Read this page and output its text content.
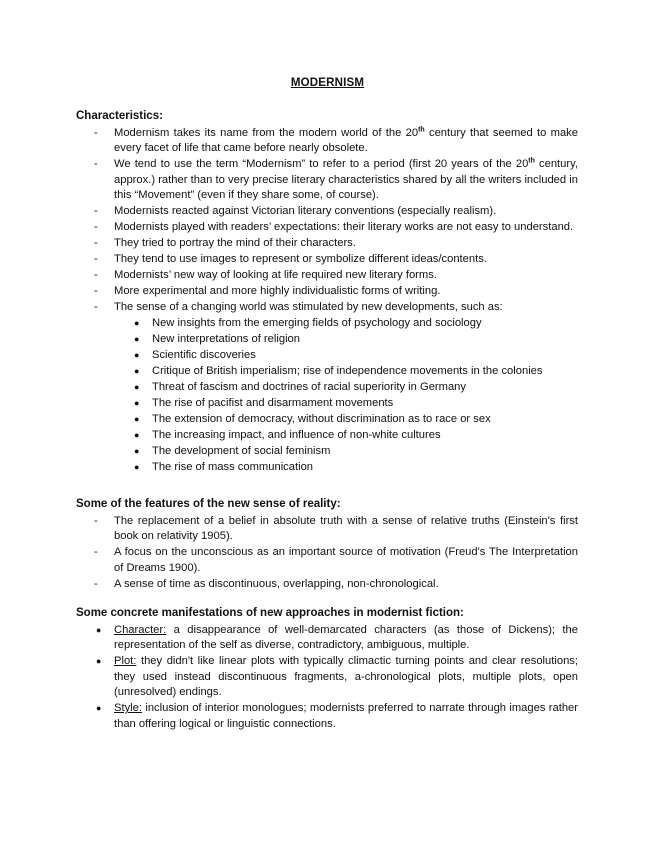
MODERNISM
Characteristics:
- Modernism takes its name from the modern world of the 20th century that seemed to make every facet of life that came before nearly obsolete.
- We tend to use the term “Modernism” to refer to a period (first 20 years of the 20th century, approx.) rather than to very precise literary characteristics shared by all the writers included in this “Movement” (even if they share some, of course).
- Modernists reacted against Victorian literary conventions (especially realism).
- Modernists played with readers’ expectations: their literary works are not easy to understand.
- They tried to portray the mind of their characters.
- They tend to use images to represent or symbolize different ideas/contents.
- Modernists’ new way of looking at life required new literary forms.
- More experimental and more highly individualistic forms of writing.
- The sense of a changing world was stimulated by new developments, such as:
● New insights from the emerging fields of psychology and sociology
● New interpretations of religion
● Scientific discoveries
● Critique of British imperialism; rise of independence movements in the colonies
● Threat of fascism and doctrines of racial superiority in Germany
● The rise of pacifist and disarmament movements
● The extension of democracy, without discrimination as to race or sex
● The increasing impact, and influence of non-white cultures
● The development of social feminism
● The rise of mass communication
Some of the features of the new sense of reality:
- The replacement of a belief in absolute truth with a sense of relative truths (Einstein's first book on relativity 1905).
- A focus on the unconscious as an important source of motivation (Freud's The Interpretation of Dreams 1900).
- A sense of time as discontinuous, overlapping, non-chronological.
Some concrete manifestations of new approaches in modernist fiction:
● Character: a disappearance of well-demarcated characters (as those of Dickens); the representation of the self as diverse, contradictory, ambiguous, multiple.
● Plot: they didn't like linear plots with typically climactic turning points and clear resolutions; they used instead discontinuous fragments, a-chronological plots, multiple plots, open (unresolved) endings.
● Style: inclusion of interior monologues; modernists preferred to narrate through images rather than offering logical or linguistic connections.
